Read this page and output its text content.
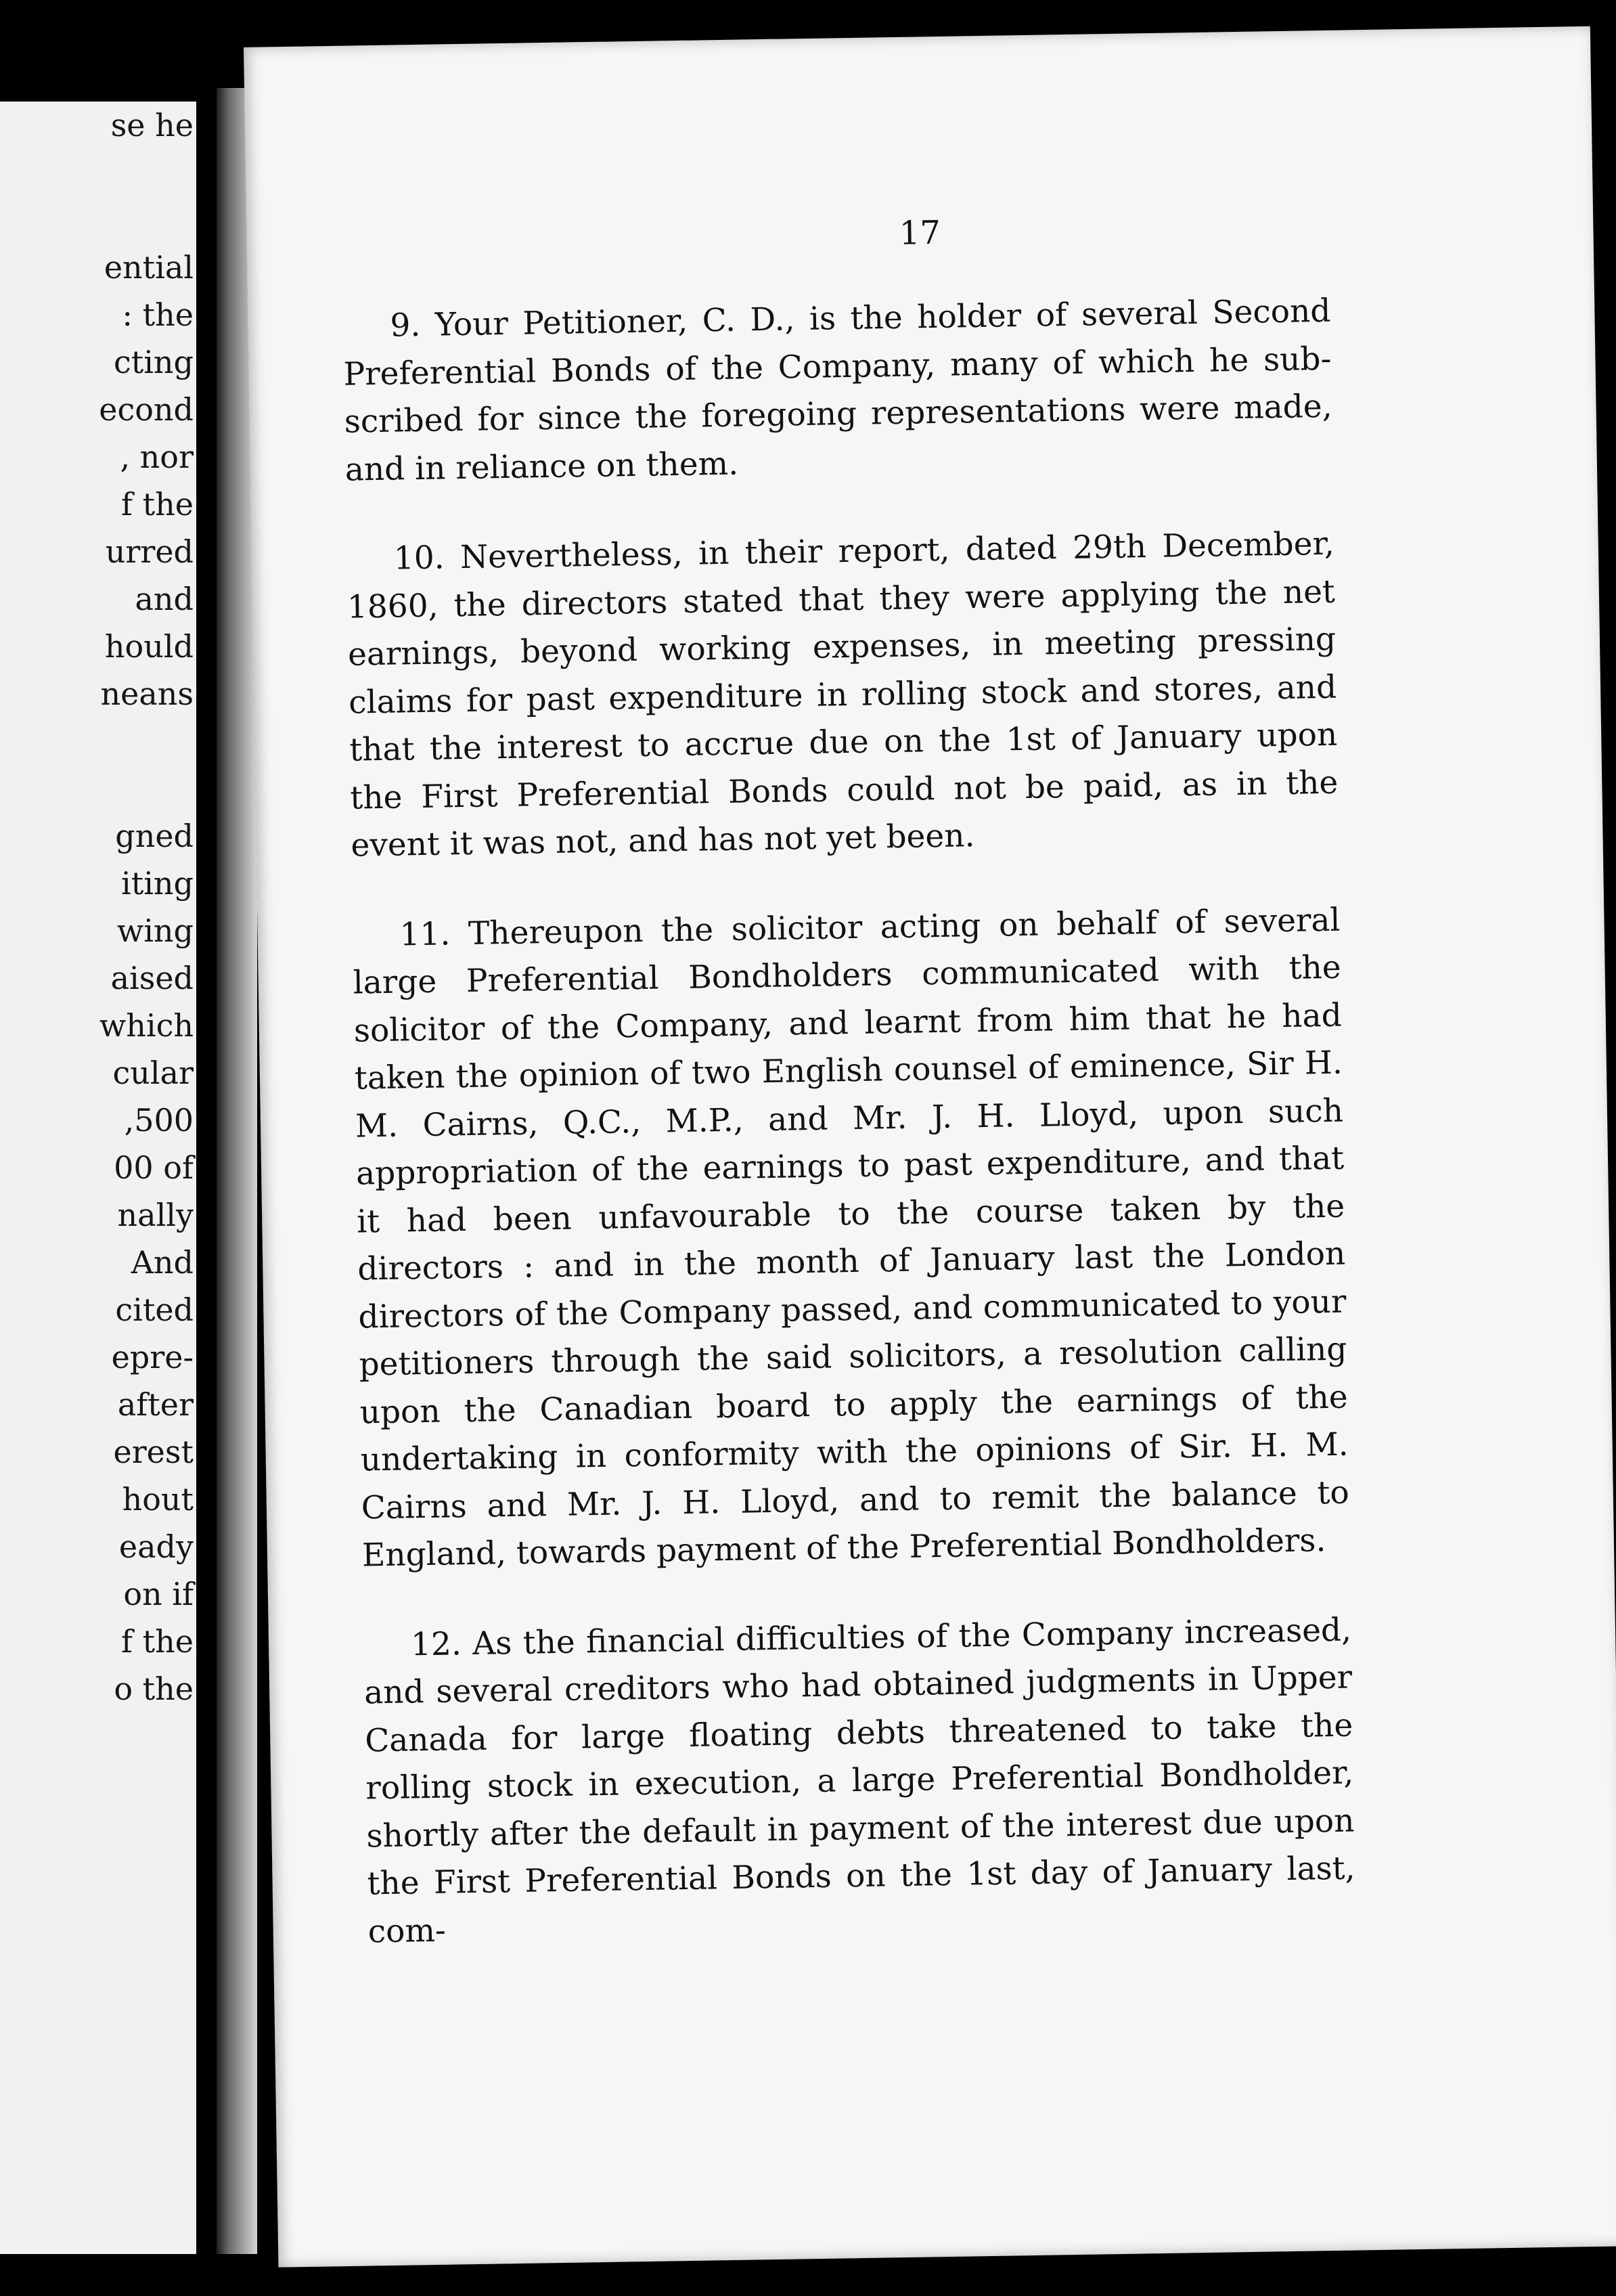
se he
ential
: the
cting
econd
, nor
f the
urred
and
hould
neans
gned
iting
wing
aised
which
cular
,500
00 of
nally
And
cited
epre-
after
erest
hout
eady
on if
f the
o the
17

9. Your Petitioner, C. D., is the holder of several Second Preferential Bonds of the Company, many of which he subscribed for since the foregoing representations were made, and in reliance on them.

10. Nevertheless, in their report, dated 29th December, 1860, the directors stated that they were applying the net earnings, beyond working expenses, in meeting pressing claims for past expenditure in rolling stock and stores, and that the interest to accrue due on the 1st of January upon the First Preferential Bonds could not be paid, as in the event it was not, and has not yet been.

11. Thereupon the solicitor acting on behalf of several large Preferential Bondholders communicated with the solicitor of the Company, and learnt from him that he had taken the opinion of two English counsel of eminence, Sir H. M. Cairns, Q.C., M.P., and Mr. J. H. Lloyd, upon such appropriation of the earnings to past expenditure, and that it had been unfavourable to the course taken by the directors : and in the month of January last the London directors of the Company passed, and communicated to your petitioners through the said solicitors, a resolution calling upon the Canadian board to apply the earnings of the undertaking in conformity with the opinions of Sir. H. M. Cairns and Mr. J. H. Lloyd, and to remit the balance to England, towards payment of the Preferential Bondholders.

12. As the financial difficulties of the Company increased, and several creditors who had obtained judgments in Upper Canada for large floating debts threatened to take the rolling stock in execution, a large Preferential Bondholder, shortly after the default in payment of the interest due upon the First Preferential Bonds on the 1st day of January last, com-
